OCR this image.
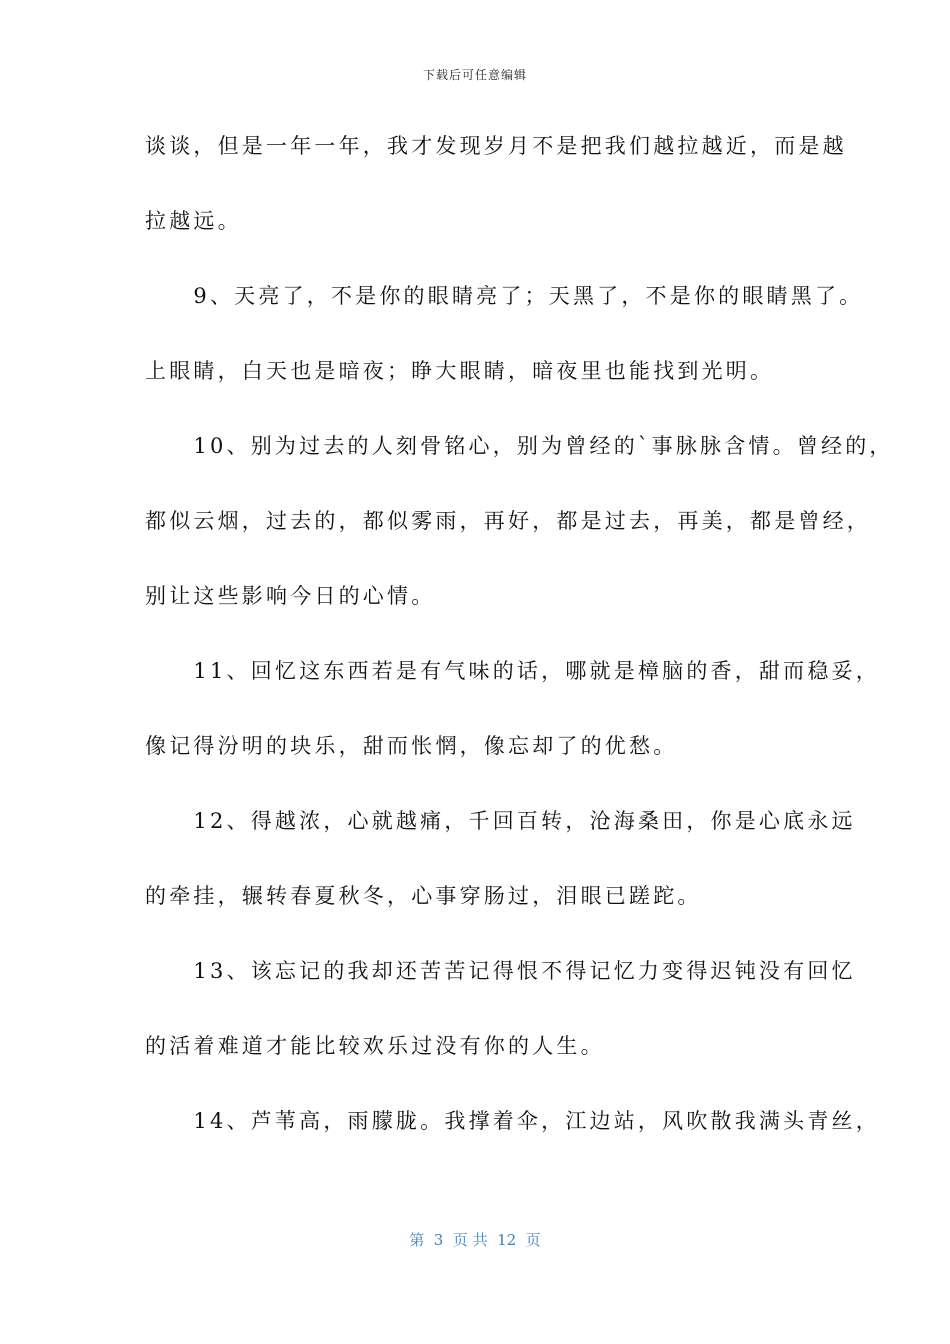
下载后可任意编辑
谈谈，但是一年一年，我才发现岁月不是把我们越拉越近，而是越
拉越远。
　　9、天亮了，不是你的眼睛亮了；天黑了，不是你的眼睛黑了。
上眼睛，白天也是暗夜；睁大眼睛，暗夜里也能找到光明。
　　10、别为过去的人刻骨铭心，别为曾经的`事脉脉含情。曾经的，
都似云烟，过去的，都似雾雨，再好，都是过去，再美，都是曾经，
别让这些影响今日的心情。
　　11、回忆这东西若是有气味的话，哪就是樟脑的香，甜而稳妥，
像记得汾明的块乐，甜而怅惘，像忘却了的优愁。
　　12、得越浓，心就越痛，千回百转，沧海桑田，你是心底永远
的牵挂，辗转春夏秋冬，心事穿肠过，泪眼已蹉跎。
　　13、该忘记的我却还苦苦记得恨不得记忆力变得迟钝没有回忆
的活着难道才能比较欢乐过没有你的人生。
　　14、芦苇高，雨朦胧。我撑着伞，江边站，风吹散我满头青丝，
第  3  页 共  12  页
